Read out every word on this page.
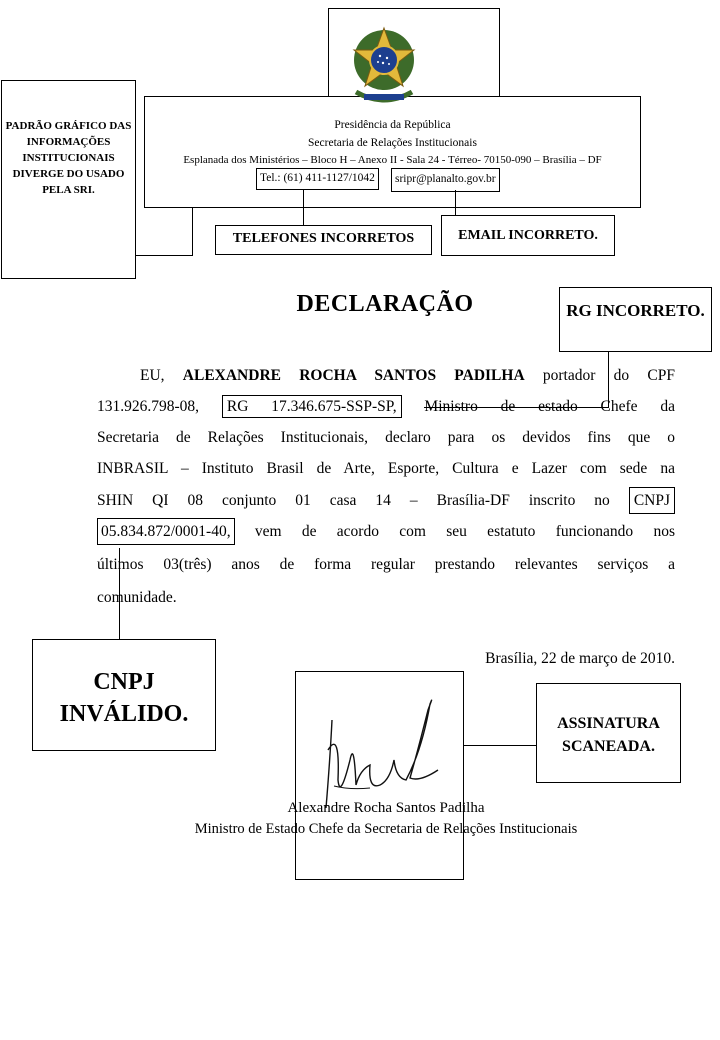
Presidência da República
Secretaria de Relações Institucionais
Esplanada dos Ministérios – Bloco H – Anexo II - Sala 24 - Térreo- 70150-090 – Brasília – DF
Tel.: (61) 411-1127/1042	sripr@planalto.gov.br
PADRÃO GRÁFICO DAS INFORMAÇÕES INSTITUCIONAIS DIVERGE DO USADO PELA SRI.
TELEFONES INCORRETOS	EMAIL INCORRETO.
RG INCORRETO.
CNPJ INVÁLIDO.	ASSINATURA SCANEADA.
DECLARAÇÃO
EU, ALEXANDRE ROCHA SANTOS PADILHA portador do CPF
131.926.798-08, RG 17.346.675-SSP-SP, Ministro de estado Chefe da
Secretaria de Relações Institucionais, declaro para os devidos fins que o
INBRASIL – Instituto Brasil de Arte, Esporte, Cultura e Lazer com sede na
SHIN QI 08 conjunto 01 casa 14 – Brasília-DF inscrito no CNPJ
05.834.872/0001-40, vem de acordo com seu estatuto funcionando nos
últimos 03(três) anos de forma regular prestando relevantes serviços a
comunidade.
Brasília, 22 de março de 2010.
Alexandre Rocha Santos Padilha
Ministro de Estado Chefe da Secretaria de Relações Institucionais
